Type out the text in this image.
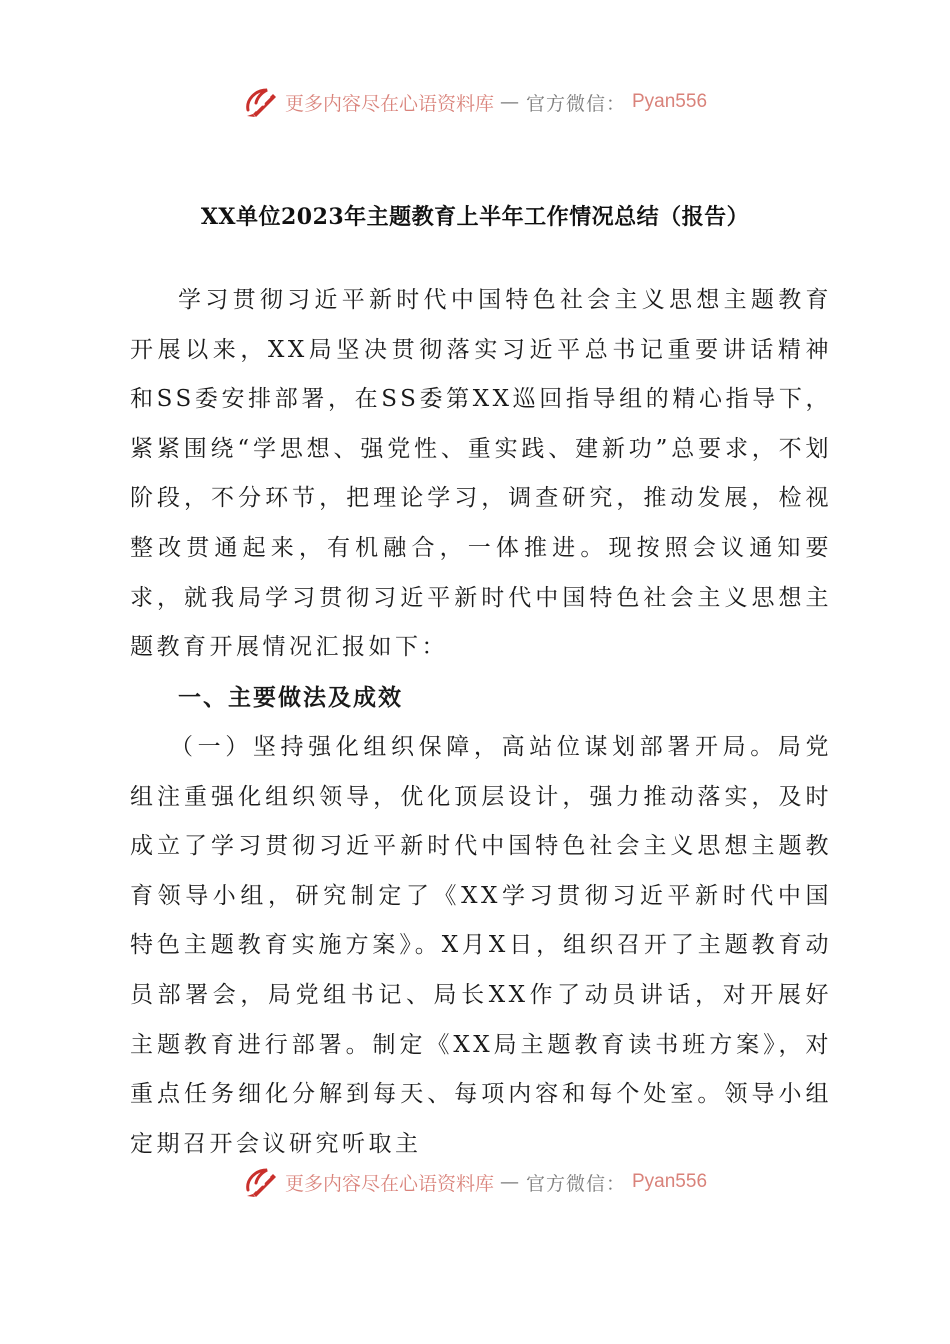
更多内容尽在心语资料库 — 官方微信： Pyan556
XX单位2023年主题教育上半年工作情况总结（报告）

学习贯彻习近平新时代中国特色社会主义思想主题教育开展以来，XX局坚决贯彻落实习近平总书记重要讲话精神和SS委安排部署，在SS委第XX巡回指导组的精心指导下，紧紧围绕“学思想、强党性、重实践、建新功”总要求，不划阶段，不分环节，把理论学习，调查研究，推动发展，检视整改贯通起来，有机融合，一体推进。现按照会议通知要求，就我局学习贯彻习近平新时代中国特色社会主义思想主题教育开展情况汇报如下：

一、主要做法及成效

（一）坚持强化组织保障，高站位谋划部署开局。局党组注重强化组织领导，优化顶层设计，强力推动落实，及时成立了学习贯彻习近平新时代中国特色社会主义思想主题教育领导小组，研究制定了《XX学习贯彻习近平新时代中国特色主题教育实施方案》。X月X日，组织召开了主题教育动员部署会，局党组书记、局长XX作了动员讲话，对开展好主题教育进行部署。制定《XX局主题教育读书班方案》，对重点任务细化分解到每天、每项内容和每个处室。领导小组定期召开会议研究听取主

更多内容尽在心语资料库 — 官方微信： Pyan556
